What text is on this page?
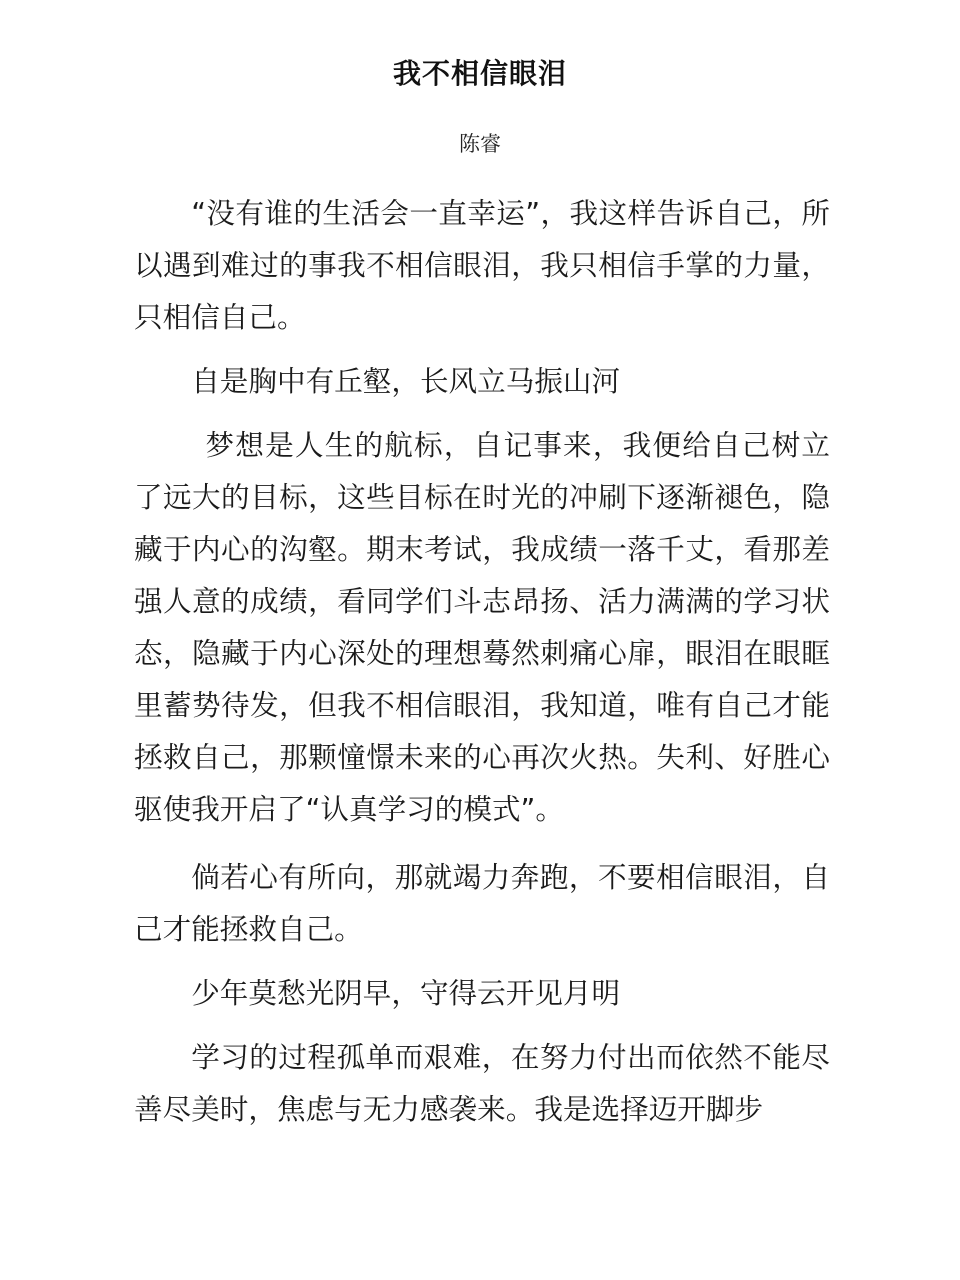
我不相信眼泪
陈睿

“没有谁的生活会一直幸运”，我这样告诉自己，所以遇到难过的事我不相信眼泪，我只相信手掌的力量，只相信自己。

自是胸中有丘壑，长风立马振山河

梦想是人生的航标，自记事来，我便给自己树立了远大的目标，这些目标在时光的冲刷下逐渐褪色，隐藏于内心的沟壑。期末考试，我成绩一落千丈，看那差强人意的成绩，看同学们斗志昂扬、活力满满的学习状态，隐藏于内心深处的理想蓦然刺痛心扉，眼泪在眼眶里蓄势待发，但我不相信眼泪，我知道，唯有自己才能拯救自己，那颗憧憬未来的心再次火热。失利、好胜心驱使我开启了“认真学习的模式”。

倘若心有所向，那就竭力奔跑，不要相信眼泪，自己才能拯救自己。

少年莫愁光阴早，守得云开见月明

学习的过程孤单而艰难，在努力付出而依然不能尽善尽美时，焦虑与无力感袭来。我是选择迈开脚步
